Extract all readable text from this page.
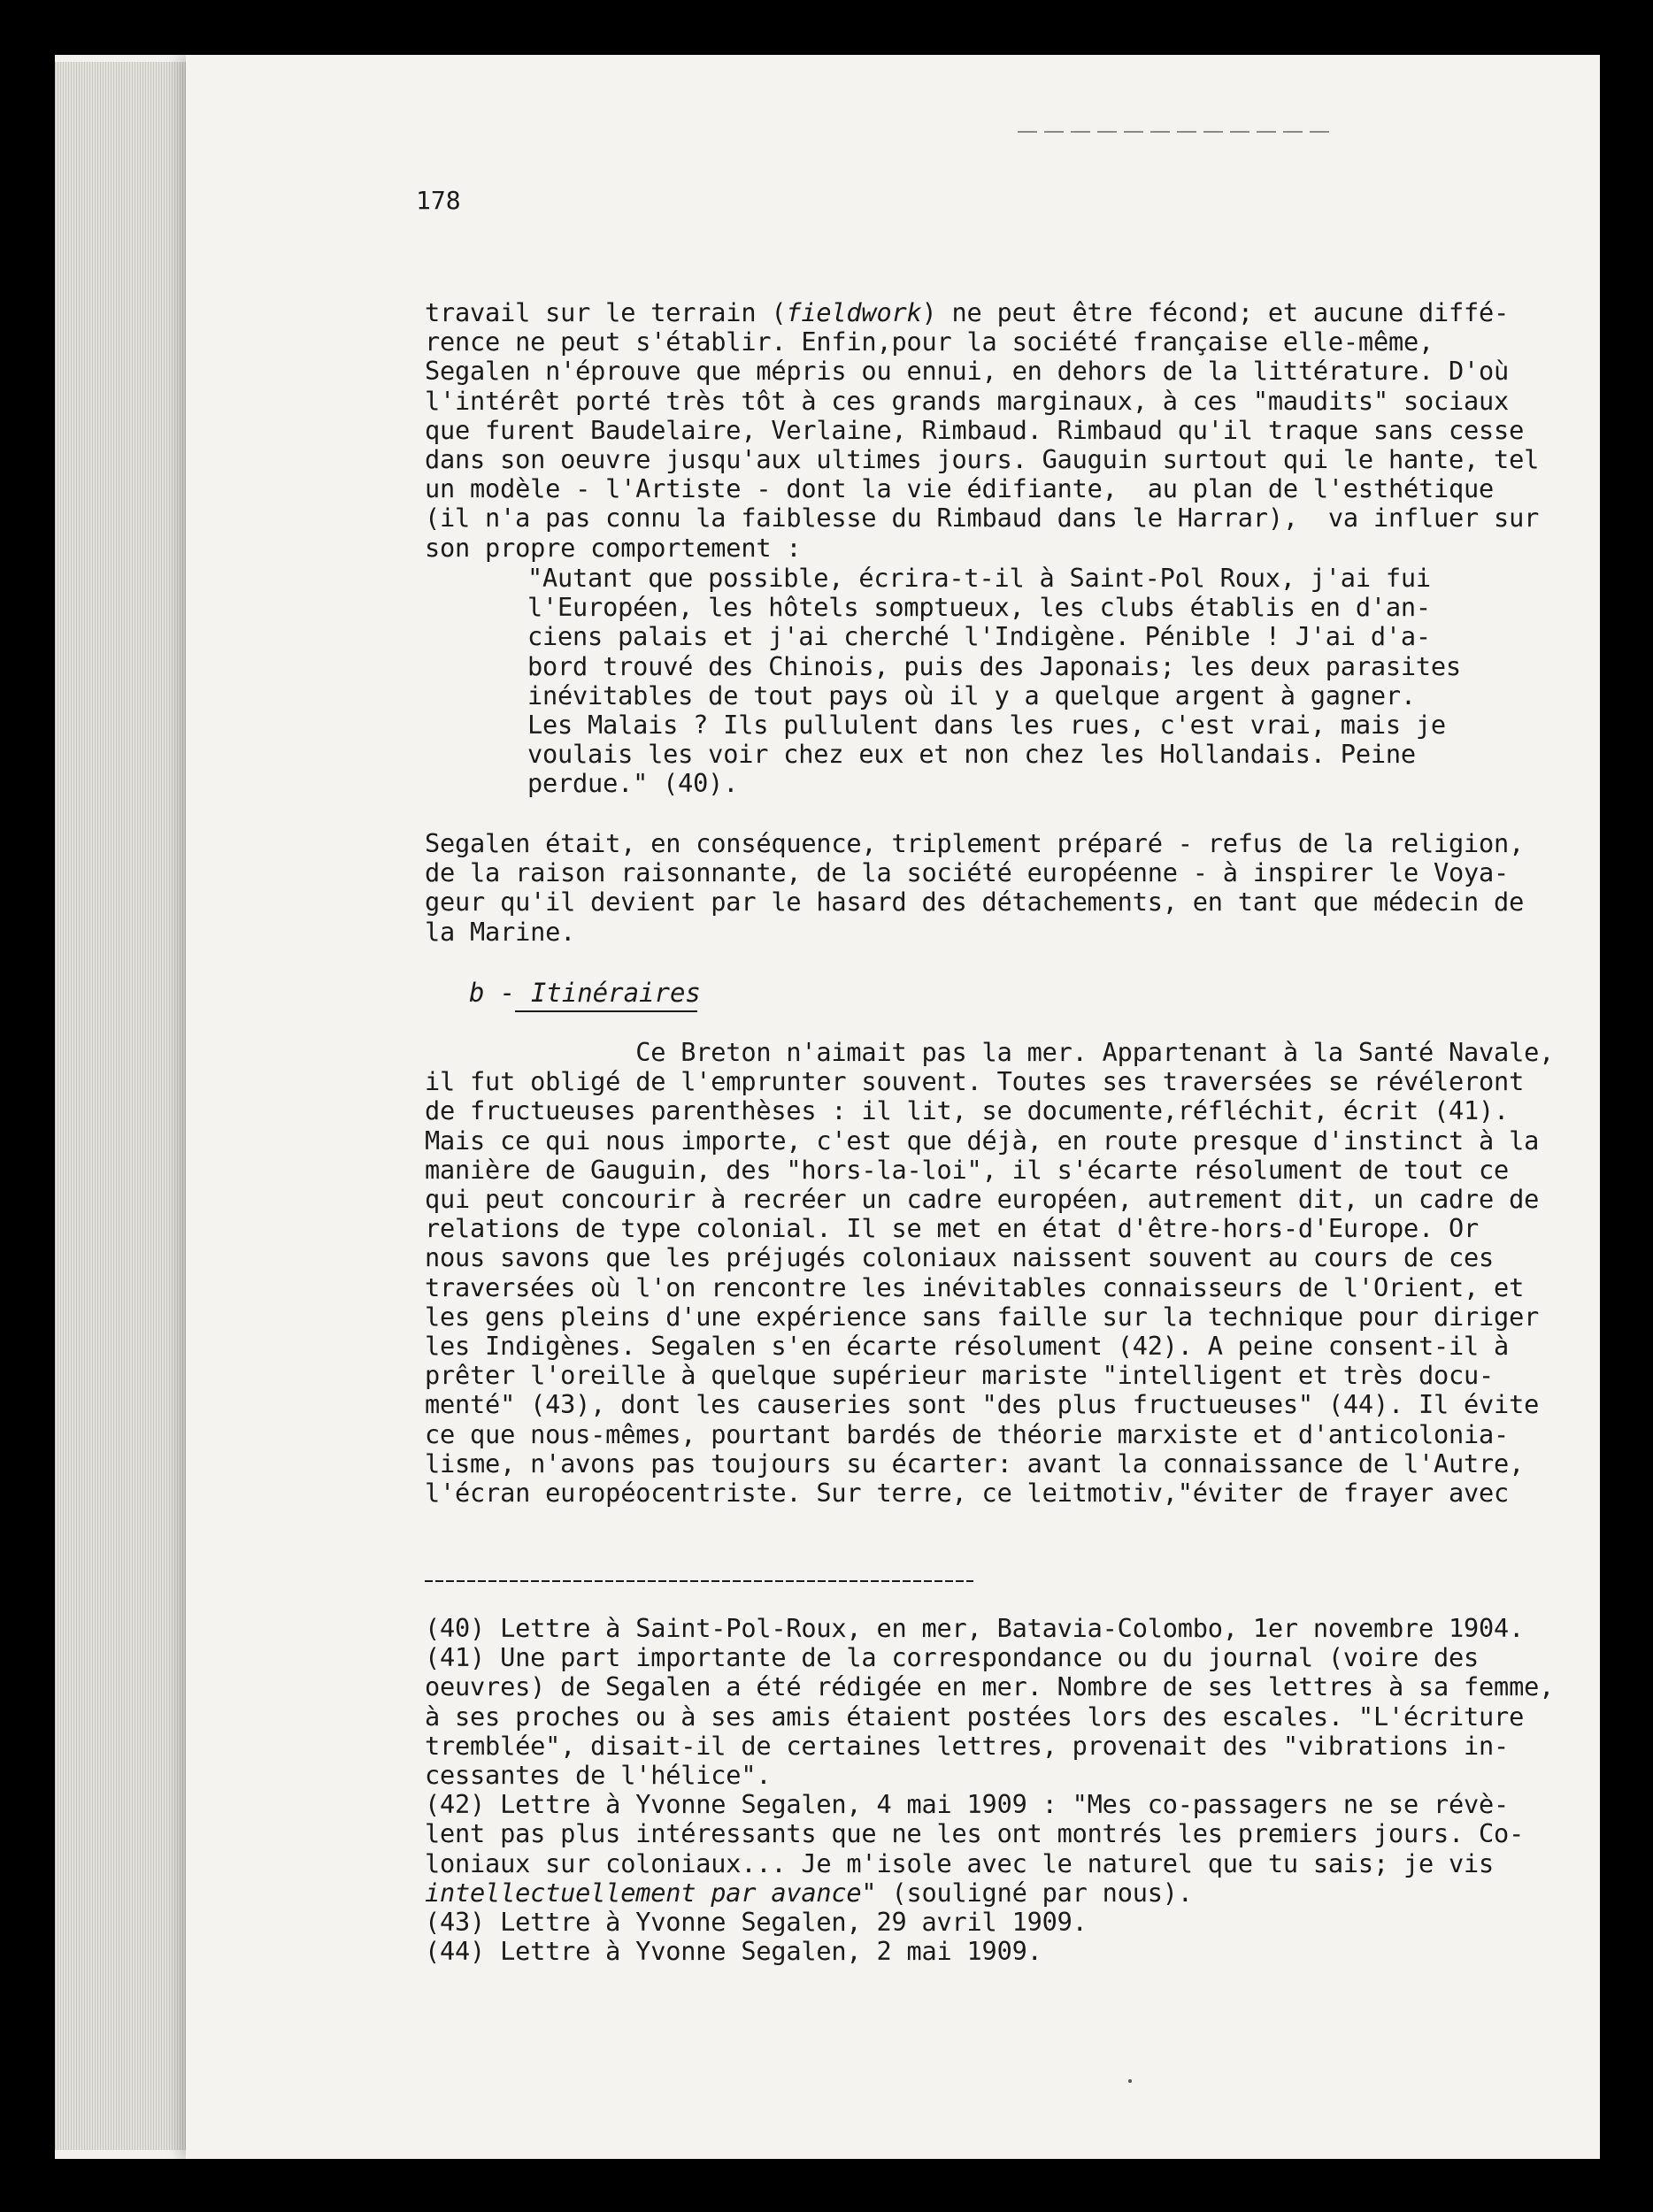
178
travail sur le terrain (fieldwork) ne peut être fécond; et aucune diffé-
rence ne peut s'établir. Enfin,pour la société française elle-même,
Segalen n'éprouve que mépris ou ennui, en dehors de la littérature. D'où
l'intérêt porté très tôt à ces grands marginaux, à ces "maudits" sociaux
que furent Baudelaire, Verlaine, Rimbaud. Rimbaud qu'il traque sans cesse
dans son oeuvre jusqu'aux ultimes jours. Gauguin surtout qui le hante, tel
un modèle - l'Artiste - dont la vie édifiante,  au plan de l'esthétique
(il n'a pas connu la faiblesse du Rimbaud dans le Harrar),  va influer sur
son propre comportement :
"Autant que possible, écrira-t-il à Saint-Pol Roux, j'ai fui
l'Européen, les hôtels somptueux, les clubs établis en d'an-
ciens palais et j'ai cherché l'Indigène. Pénible ! J'ai d'a-
bord trouvé des Chinois, puis des Japonais; les deux parasites
inévitables de tout pays où il y a quelque argent à gagner.
Les Malais ? Ils pullulent dans les rues, c'est vrai, mais je
voulais les voir chez eux et non chez les Hollandais. Peine
perdue." (40).
Segalen était, en conséquence, triplement préparé - refus de la religion,
de la raison raisonnante, de la société européenne - à inspirer le Voya-
geur qu'il devient par le hasard des détachements, en tant que médecin de
la Marine.
b - Itinéraires
Ce Breton n'aimait pas la mer. Appartenant à la Santé Navale,
il fut obligé de l'emprunter souvent. Toutes ses traversées se révéleront
de fructueuses parenthèses : il lit, se documente,réfléchit, écrit (41).
Mais ce qui nous importe, c'est que déjà, en route presque d'instinct à la
manière de Gauguin, des "hors-la-loi", il s'écarte résolument de tout ce
qui peut concourir à recréer un cadre européen, autrement dit, un cadre de
relations de type colonial. Il se met en état d'être-hors-d'Europe. Or
nous savons que les préjugés coloniaux naissent souvent au cours de ces
traversées où l'on rencontre les inévitables connaisseurs de l'Orient, et
les gens pleins d'une expérience sans faille sur la technique pour diriger
les Indigènes. Segalen s'en écarte résolument (42). A peine consent-il à
prêter l'oreille à quelque supérieur mariste "intelligent et très docu-
menté" (43), dont les causeries sont "des plus fructueuses" (44). Il évite
ce que nous-mêmes, pourtant bardés de théorie marxiste et d'anticolonia-
lisme, n'avons pas toujours su écarter: avant la connaissance de l'Autre,
l'écran européocentriste. Sur terre, ce leitmotiv,"éviter de frayer avec
(40) Lettre à Saint-Pol-Roux, en mer, Batavia-Colombo, 1er novembre 1904.
(41) Une part importante de la correspondance ou du journal (voire des
oeuvres) de Segalen a été rédigée en mer. Nombre de ses lettres à sa femme,
à ses proches ou à ses amis étaient postées lors des escales. "L'écriture
tremblée", disait-il de certaines lettres, provenait des "vibrations in-
cessantes de l'hélice".
(42) Lettre à Yvonne Segalen, 4 mai 1909 : "Mes co-passagers ne se révè-
lent pas plus intéressants que ne les ont montrés les premiers jours. Co-
loniaux sur coloniaux... Je m'isole avec le naturel que tu sais; je vis
intellectuellement par avance" (souligné par nous).
(43) Lettre à Yvonne Segalen, 29 avril 1909.
(44) Lettre à Yvonne Segalen, 2 mai 1909.
